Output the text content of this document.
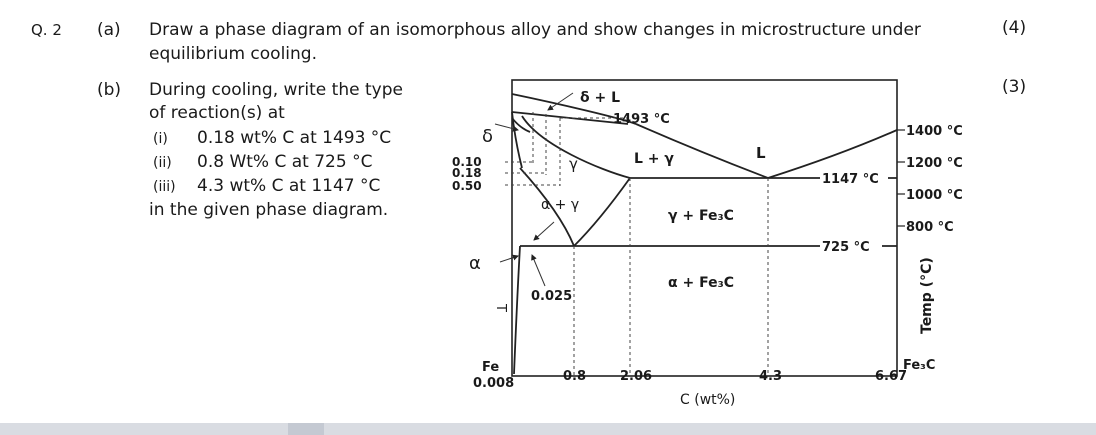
Q. 2 (a) Draw a phase diagram of an isomorphous alloy and show changes in microstructure under
equilibrium cooling.
(4)
(b) During cooling, write the type
of reaction(s) at
(3)
(i) 0.18 wt% C at 1493 °C
(ii) 0.8 Wt% C at 725 °C
(iii) 4.3 wt% C at 1147 °C
in the given phase diagram.
δ + L
1493 °C
δ
0.10
0.18
0.50
γ	L + γ	L
α + γ
γ + Fe₃C
α
α + Fe₃C
0.025
T
Fe
0.008	0.8	2.06	4.3	6.67
Fe₃C
C (wt%)
1147 °C
725 °C
1400 °C
1200 °C
1000 °C
800 °C
Temp (°C)
